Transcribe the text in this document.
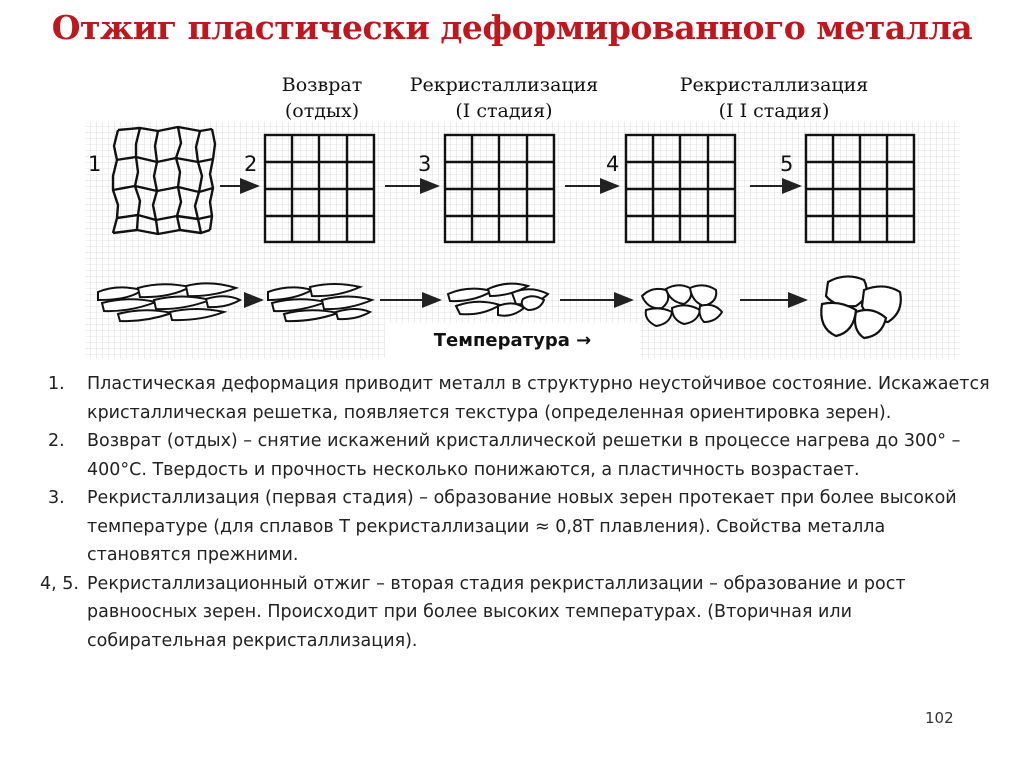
Отжиг пластически деформированного металла
Возврат
(отдых)
Рекристаллизация
(I стадия)
Рекристаллизация
(I I стадия)
1	2	3	4	5
Температура →
1. Пластическая деформация приводит металл в структурно неустойчивое состояние. Искажается кристаллическая решетка, появляется текстура (определенная ориентировка зерен).
2. Возврат (отдых) – снятие искажений кристаллической решетки в процессе нагрева до 300° – 400°С. Твердость и прочность несколько понижаются, а пластичность возрастает.
3. Рекристаллизация (первая стадия) – образование новых зерен протекает при более высокой температуре (для сплавов Т рекристаллизации ≈ 0,8Т плавления). Свойства металла становятся прежними.
4, 5. Рекристаллизационный отжиг – вторая стадия рекристаллизации – образование и рост равноосных зерен. Происходит при более высоких температурах. (Вторичная или собирательная рекристаллизация).
102
